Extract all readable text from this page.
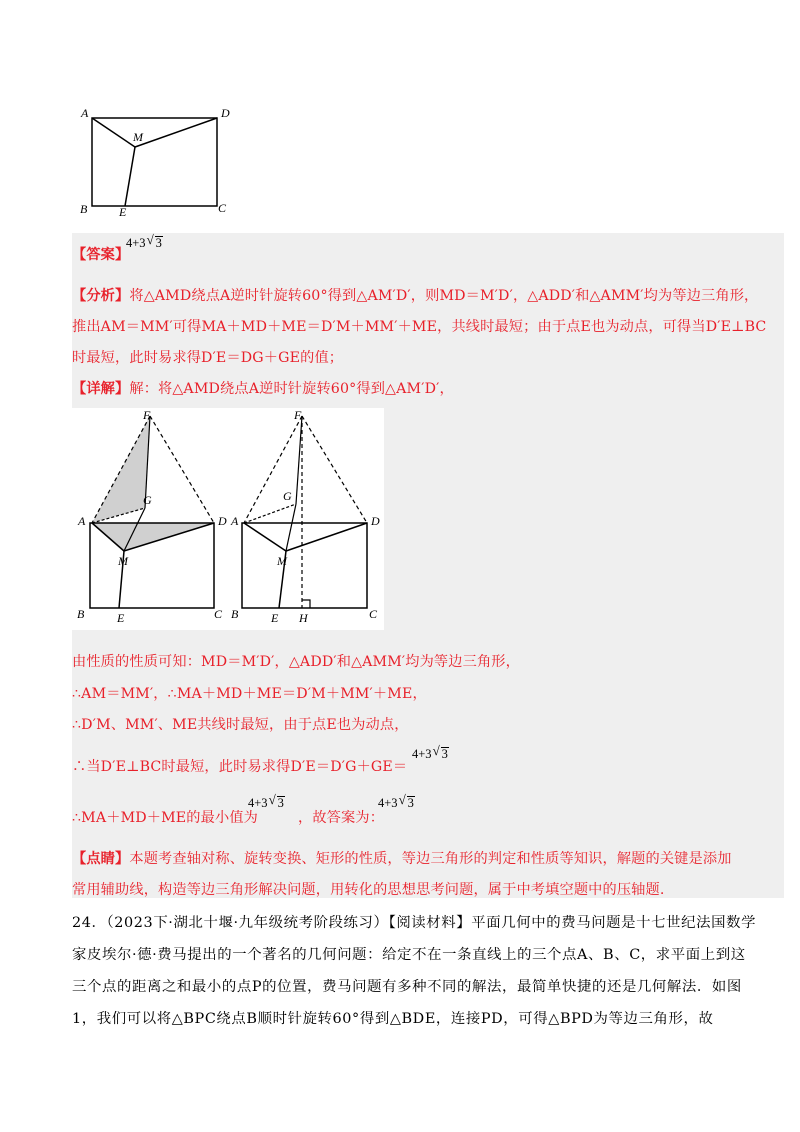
A	D
M
B	E	C
【答案】
4+3 √ 3
【分析】将△AMD绕点A逆时针旋转60°得到△AM′D′，则MD＝M′D′，△ADD′和△AMM′均为等边三角形，
推出AM＝MM′可得MA＋MD＋ME＝D′M＋MM′＋ME，共线时最短；由于点E也为动点，可得当D′E⊥BC
时最短，此时易求得D′E＝DG＋GE的值；
【详解】解：将△AMD绕点A逆时针旋转60°得到△AM′D′，
F
G
A	D
M
B	E	C
F
G
A	D
M
B	E H	C
由性质的性质可知：MD＝M′D′，△ADD′和△AMM′均为等边三角形，
∴AM＝MM′，∴MA＋MD＋ME＝D′M＋MM′＋ME，
∴D′M、MM′、ME共线时最短，由于点E也为动点，
∴当D′E⊥BC时最短，此时易求得D′E＝D′G＋GE＝
4+3 √ 3
∴MA＋MD＋ME的最小值为	，故答案为：
4+3 √ 3	4+3 √ 3
【点睛】本题考查轴对称、旋转变换、矩形的性质，等边三角形的判定和性质等知识，解题的关键是添加
常用辅助线，构造等边三角形解决问题，用转化的思想思考问题，属于中考填空题中的压轴题.
24．（2023下·湖北十堰·九年级统考阶段练习）【阅读材料】平面几何中的费马问题是十七世纪法国数学
家皮埃尔·德·费马提出的一个著名的几何问题：给定不在一条直线上的三个点A、B、C，求平面上到这
三个点的距离之和最小的点P的位置，费马问题有多种不同的解法，最简单快捷的还是几何解法．如图
1，我们可以将△BPC绕点B顺时针旋转60°得到△BDE，连接PD，可得△BPD为等边三角形，故
